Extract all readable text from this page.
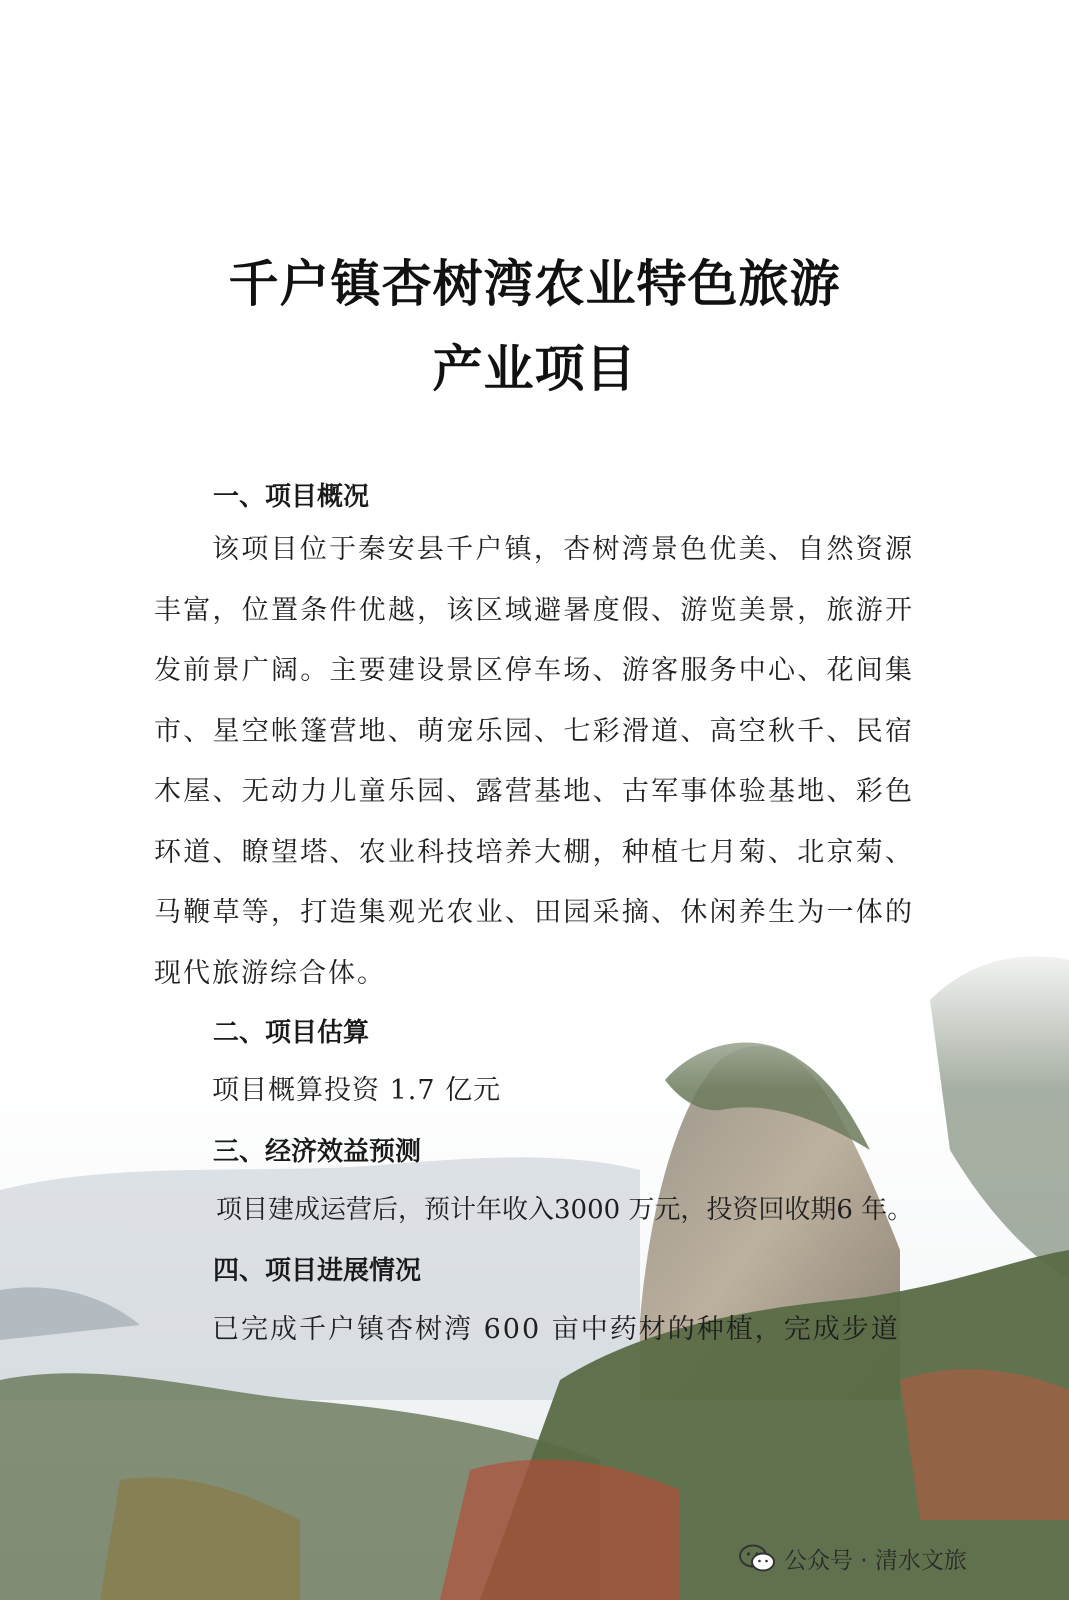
千户镇杏树湾农业特色旅游
产业项目
一、项目概况
该项目位于秦安县千户镇，杏树湾景色优美、自然资源丰富，位置条件优越，该区域避暑度假、游览美景，旅游开发前景广阔。主要建设景区停车场、游客服务中心、花间集市、星空帐篷营地、萌宠乐园、七彩滑道、高空秋千、民宿木屋、无动力儿童乐园、露营基地、古军事体验基地、彩色环道、瞭望塔、农业科技培养大棚，种植七月菊、北京菊、马鞭草等，打造集观光农业、田园采摘、休闲养生为一体的现代旅游综合体。
二、项目估算
项目概算投资 1.7 亿元
三、经济效益预测
项目建成运营后，预计年收入3000 万元，投资回收期6 年。
四、项目进展情况
已完成千户镇杏树湾 600 亩中药材的种植，完成步道
公众号 · 清水文旅
